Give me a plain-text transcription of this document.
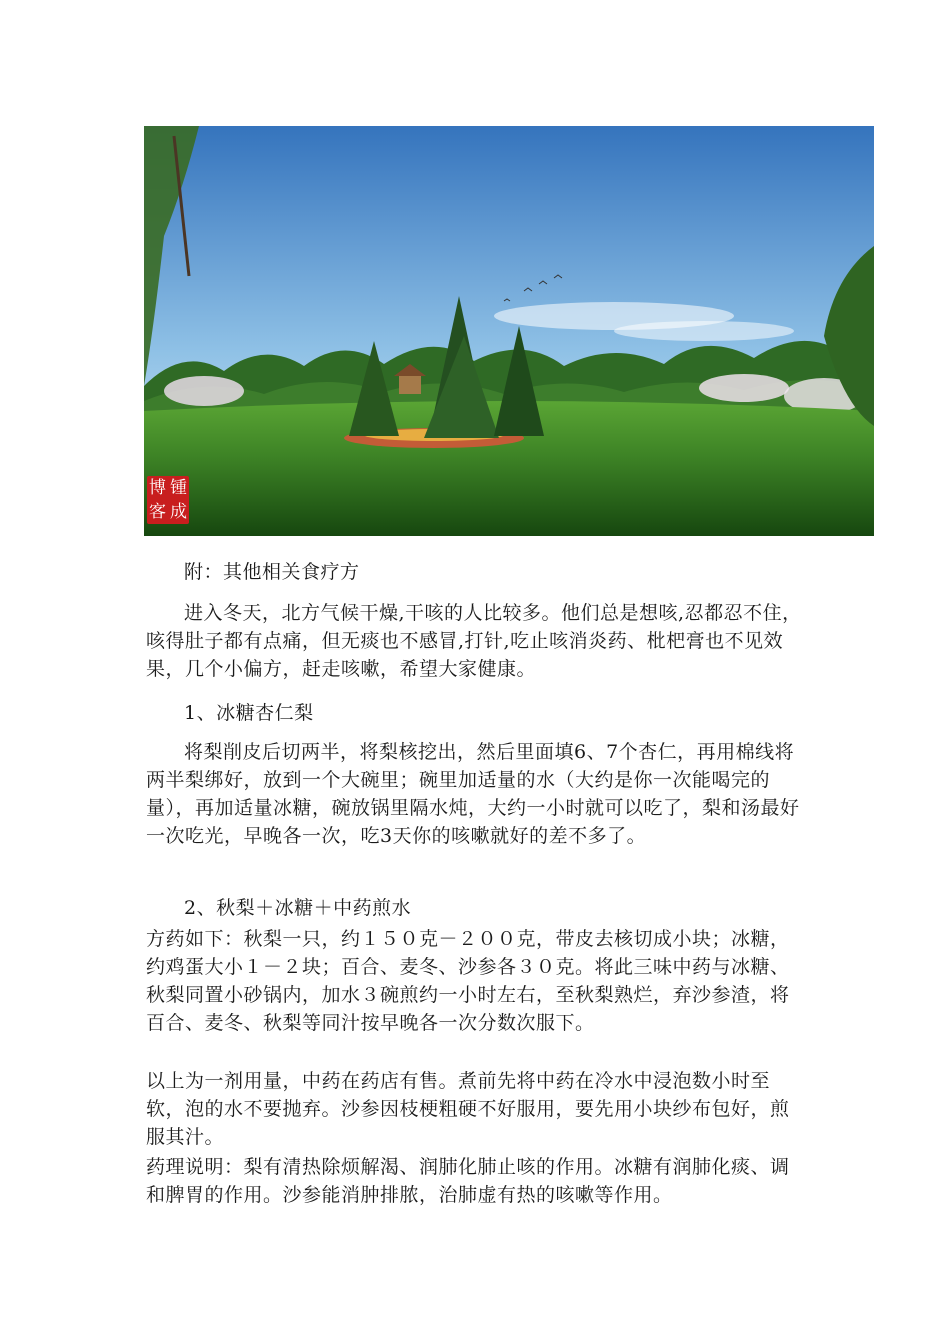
博 锺
客 成

附：其他相关食疗方

进入冬天，北方气候干燥,干咳的人比较多。他们总是想咳,忍都忍不住，咳得肚子都有点痛，但无痰也不感冒,打针,吃止咳消炎药、枇杷膏也不见效果，几个小偏方，赶走咳嗽，希望大家健康。

1、冰糖杏仁梨

将梨削皮后切两半，将梨核挖出，然后里面填6、7个杏仁，再用棉线将两半梨绑好，放到一个大碗里；碗里加适量的水（大约是你一次能喝完的量），再加适量冰糖，碗放锅里隔水炖，大约一小时就可以吃了，梨和汤最好一次吃光，早晚各一次，吃3天你的咳嗽就好的差不多了。

2、秋梨＋冰糖＋中药煎水

方药如下：秋梨一只，约１５０克－２００克，带皮去核切成小块；冰糖，约鸡蛋大小１－２块；百合、麦冬、沙参各３０克。将此三味中药与冰糖、秋梨同置小砂锅内，加水３碗煎约一小时左右，至秋梨熟烂，弃沙参渣，将百合、麦冬、秋梨等同汁按早晚各一次分数次服下。

以上为一剂用量，中药在药店有售。煮前先将中药在冷水中浸泡数小时至软，泡的水不要抛弃。沙参因枝梗粗硬不好服用，要先用小块纱布包好，煎服其汁。

药理说明：梨有清热除烦解渴、润肺化肺止咳的作用。冰糖有润肺化痰、调和脾胃的作用。沙参能消肿排脓，治肺虚有热的咳嗽等作用。
